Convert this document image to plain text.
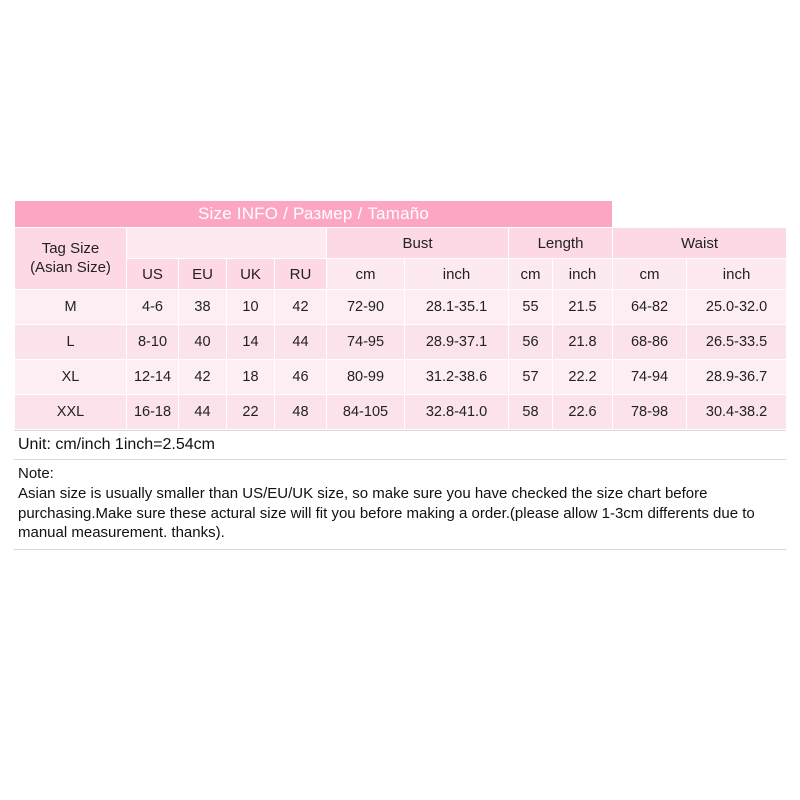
Size INFO / Размер / Tamaño										
Tag Size
(Asian Size)					Bust		Length		Waist	
	US	EU	UK	RU	cm	inch	cm	inch	cm	inch
M	4-6	38	10	42	72-90	28.1-35.1	55	21.5	64-82	25.0-32.0
L	8-10	40	14	44	74-95	28.9-37.1	56	21.8	68-86	26.5-33.5
XL	12-14	42	18	46	80-99	31.2-38.6	57	22.2	74-94	28.9-36.7
XXL	16-18	44	22	48	84-105	32.8-41.0	58	22.6	78-98	30.4-38.2
Unit: cm/inch 1inch=2.54cm
Note:
Asian size is usually smaller than US/EU/UK size, so make sure you have checked the size chart before purchasing.Make sure these actural size will fit you before making a order.(please allow 1-3cm differents due to manual measurement. thanks).
